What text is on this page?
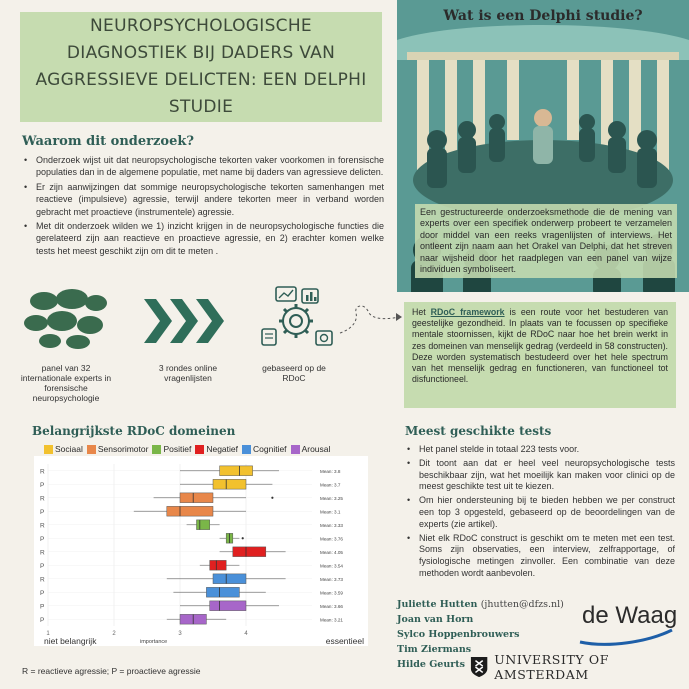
NEUROPSYCHOLOGISCHE DIAGNOSTIEK BIJ DADERS VAN AGGRESSIEVE DELICTEN: EEN DELPHI STUDIE
Waarom dit onderzoek?
• Onderzoek wijst uit dat neuropsychologische tekorten vaker voorkomen in forensische populaties dan in de algemene populatie, met name bij daders van agressieve delicten.
• Er zijn aanwijzingen dat sommige neuropsychologische tekorten samenhangen met reactieve (impulsieve) agressie, terwijl andere tekorten meer in verband worden gebracht met proactieve (instrumentele) agressie.
• Met dit onderzoek wilden we 1) inzicht krijgen in de neuropsychologische functies die gerelateerd zijn aan reactieve en proactieve agressie, en 2) erachter komen welke tests het meest geschikt zijn om dit te meten .
panel van 32 internationale experts in forensische neuropsychologie
3 rondes online vragenlijsten
gebaseerd op de RDoC
Wat is een Delphi studie?
Een gestructureerde onderzoeksmethode die de mening van experts over een specifiek onderwerp probeert te verzamelen door middel van een reeks vragenlijsten of interviews. Het ontleent zijn naam aan het Orakel van Delphi, dat het streven naar wijsheid door het raadplegen van een panel van wijze individuen symboliseert.
Het RDoC framework is een route voor het bestuderen van geestelijke gezondheid. In plaats van te focussen op specifieke mentale stoornissen, kijkt de RDoC naar hoe het brein werkt in zes domeinen van menselijk gedrag (verdeeld in 58 constructen). Deze worden systematisch bestudeerd over het hele spectrum van het menselijk gedrag en functioneren, van functioneel tot disfunctioneel.
Belangrijkste RDoC domeinen
Sociaal	Sensorimotor	Positief	Negatief	Cognitief	Arousal
1	2	3	4
R	Mean: 3.8
P	Mean: 3.7
R	Mean: 3.25
P	Mean: 3.1
R	Mean: 3.33
P	Mean: 3.76
R	Mean: 4.05
P	Mean: 3.54
R	Mean: 3.73
P	Mean: 3.59
P	Mean: 3.66
P	Mean: 3.21
importance
niet belangrijk	essentieel
Meest geschikte tests
• Het panel stelde in totaal 223 tests voor.
• Dit toont aan dat er heel veel neuropsychologische tests beschikbaar zijn, wat het moeilijk kan maken voor clinici op de meest geschikte test uit te kiezen.
• Om hier ondersteuning bij te bieden hebben we per construct een top 3 opgesteld, gebaseerd op de beoordelingen van de experts (zie artikel).
• Niet elk RDoC construct is geschikt om te meten met een test. Soms zijn observaties, een interview, zelfrapportage, of fysiologische metingen zinvoller. Een combinatie van deze methoden wordt aanbevolen.
Juliette Hutten (jhutten@dfzs.nl)
Joan van Horn
Sylco Hoppenbrouwers
Tim Ziermans
Hilde Geurts
de Waag
UNIVERSITY OF AMSTERDAM
R = reactieve agressie; P = proactieve agressie
